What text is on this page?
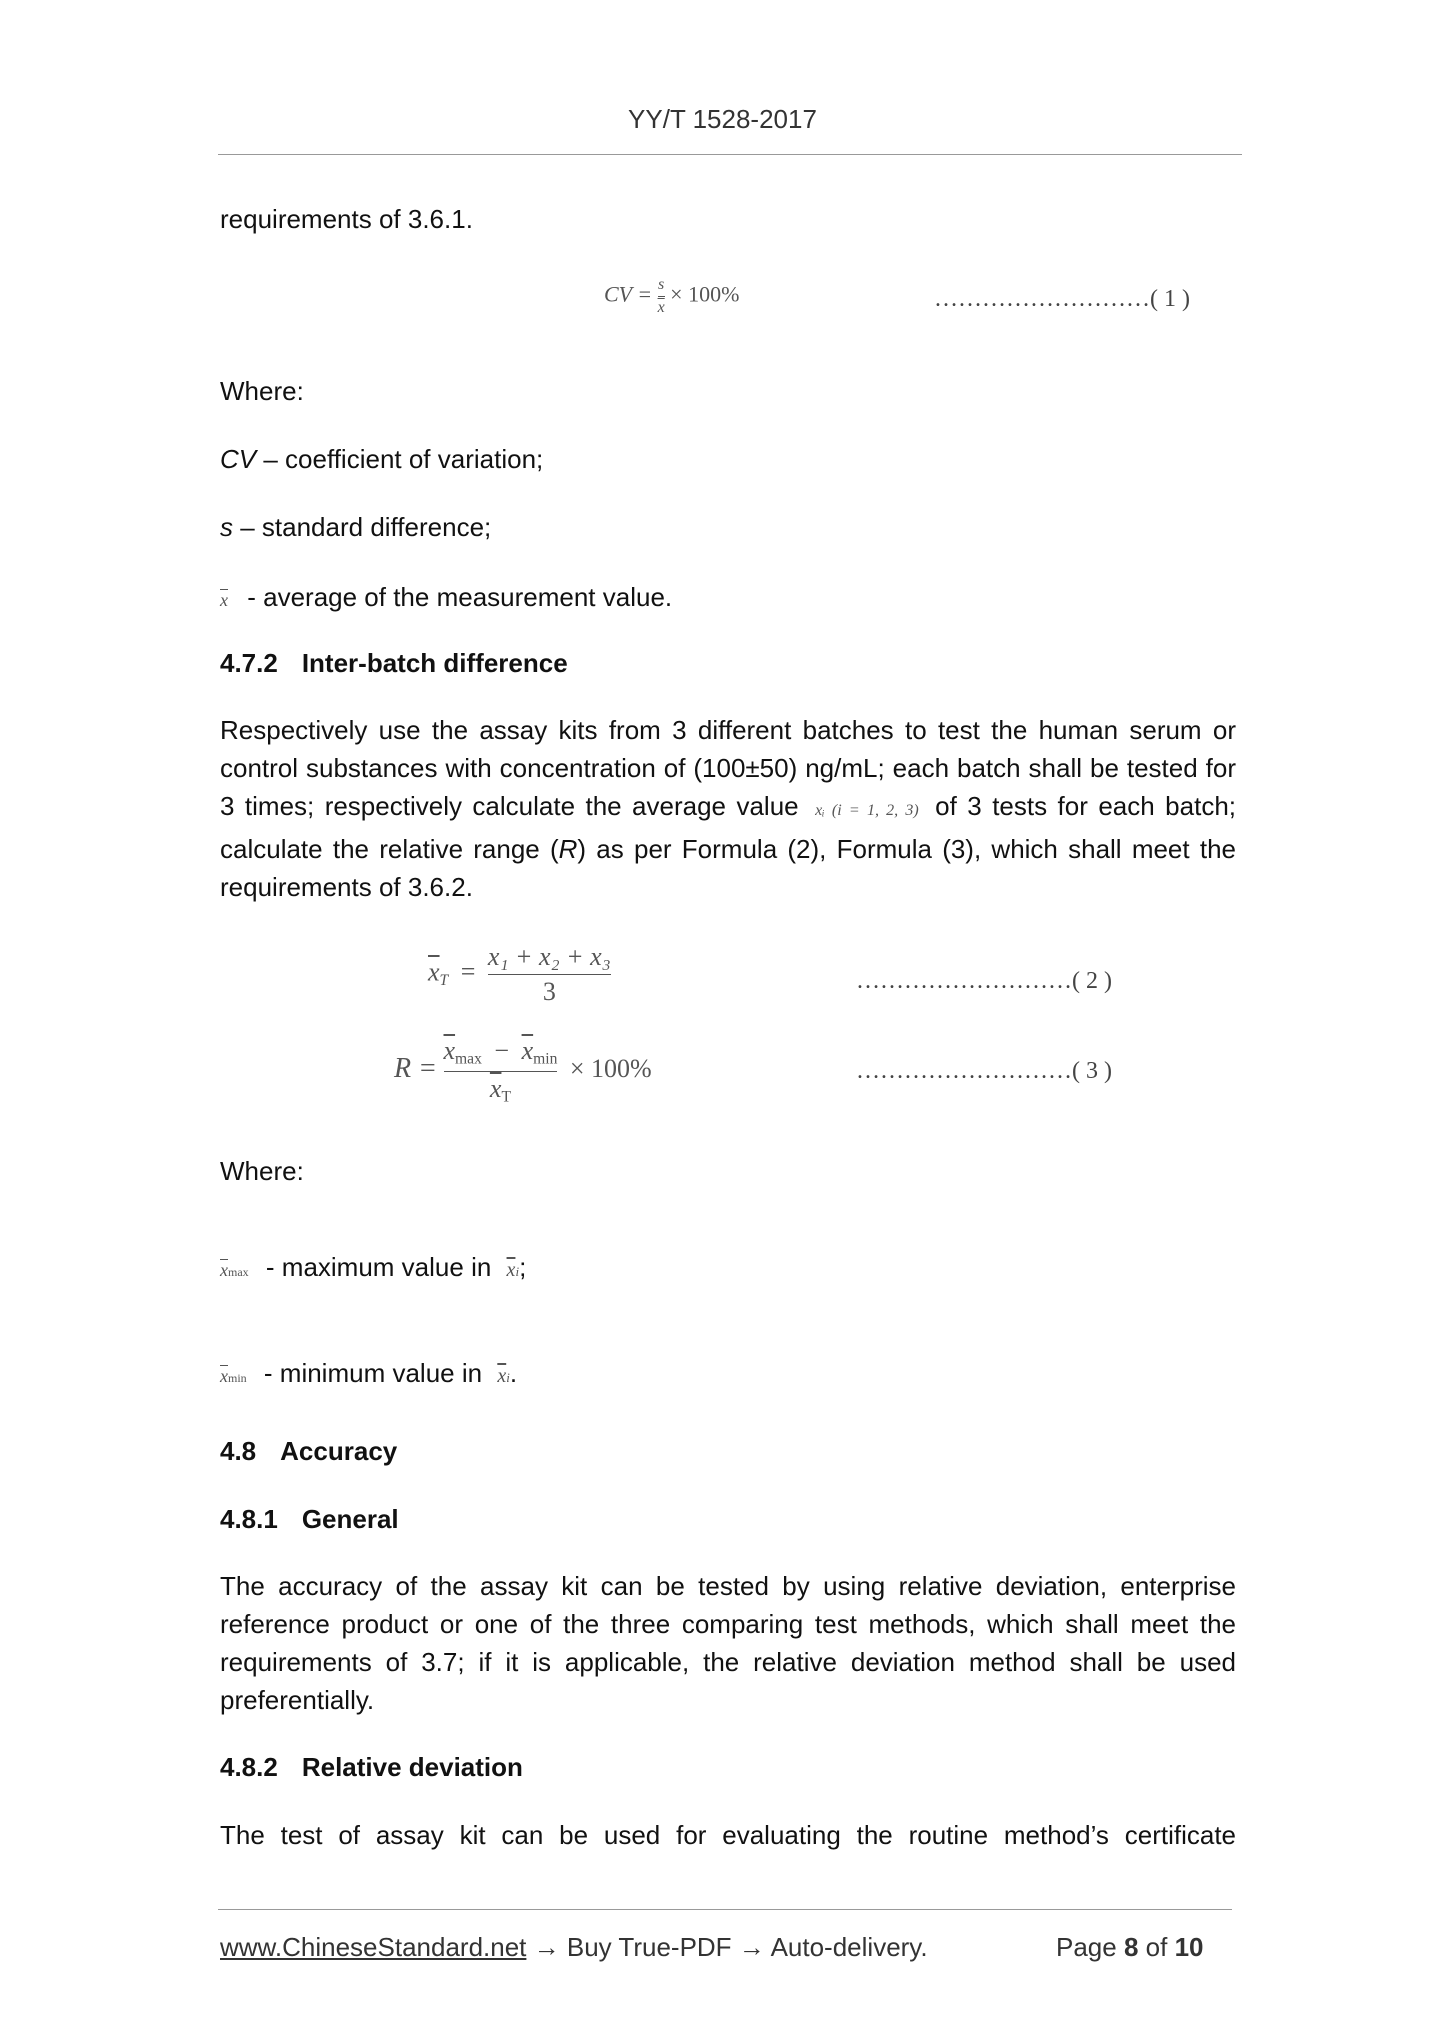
YY/T 1528-2017
requirements of 3.6.1.
CV = $\frac{s}{x} \times 100\%$	………………………( 1 )
Where:
CV – coefficient of variation;
s – standard difference;
$\overline{x}$ - average of the measurement value.
4.7.2 Inter-batch difference
Respectively use the assay kits from 3 different batches to test the human serum or control substances with concentration of (100±50) ng/mL; each batch shall be tested for 3 times; respectively calculate the average value xᵢ (i = 1, 2, 3) of 3 tests for each batch; calculate the relative range (R) as per Formula (2), Formula (3), which shall meet the requirements of 3.6.2.
$\overline{x}_T = \frac{\text{x₁ + x₂ + x₃}}{3}$	………………………( 2 )
$R = \frac{\overline{x}_{max} - \overline{x}_{min}}{\overline{x}_T} \times 100\%$	………………………( 3 )
Where:
$\overline{x}\max$ - maximum value in $\overline{x}i$;
$\overline{x}\min$ - minimum value in $\overline{x}i$.
4.8 Accuracy
4.8.1 General
The accuracy of the assay kit can be tested by using relative deviation, enterprise reference product or one of the three comparing test methods, which shall meet the requirements of 3.7; if it is applicable, the relative deviation method shall be used preferentially.
4.8.2 Relative deviation
The test of assay kit can be used for evaluating the routine method’s certificate
www.ChineseStandard.net → Buy True-PDF → Auto-delivery.	Page 8 of 10
